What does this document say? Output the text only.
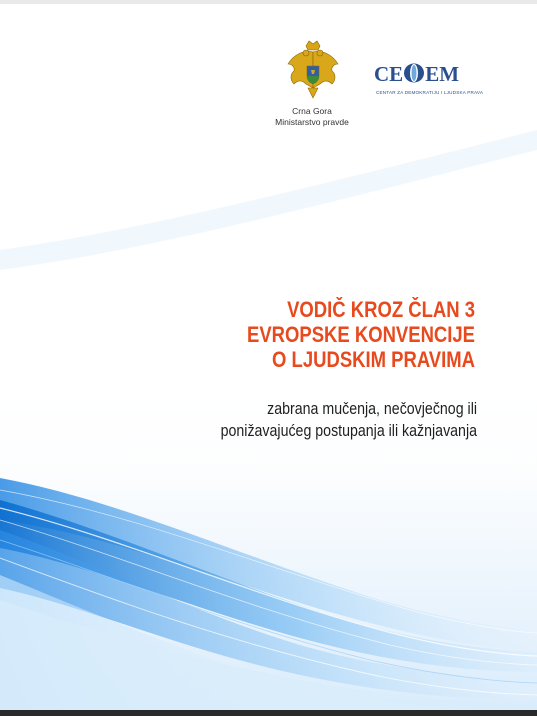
Crna Gora
Ministarstvo pravde
CE EM
CENTAR ZA DEMOKRATIJU I LJUDSKA PRAVA
VODIČ KROZ ČLAN 3
EVROPSKE KONVENCIJE
O LJUDSKIM PRAVIMA
zabrana mučenja, nečovječnog ili
ponižavajućeg postupanja ili kažnjavanja
